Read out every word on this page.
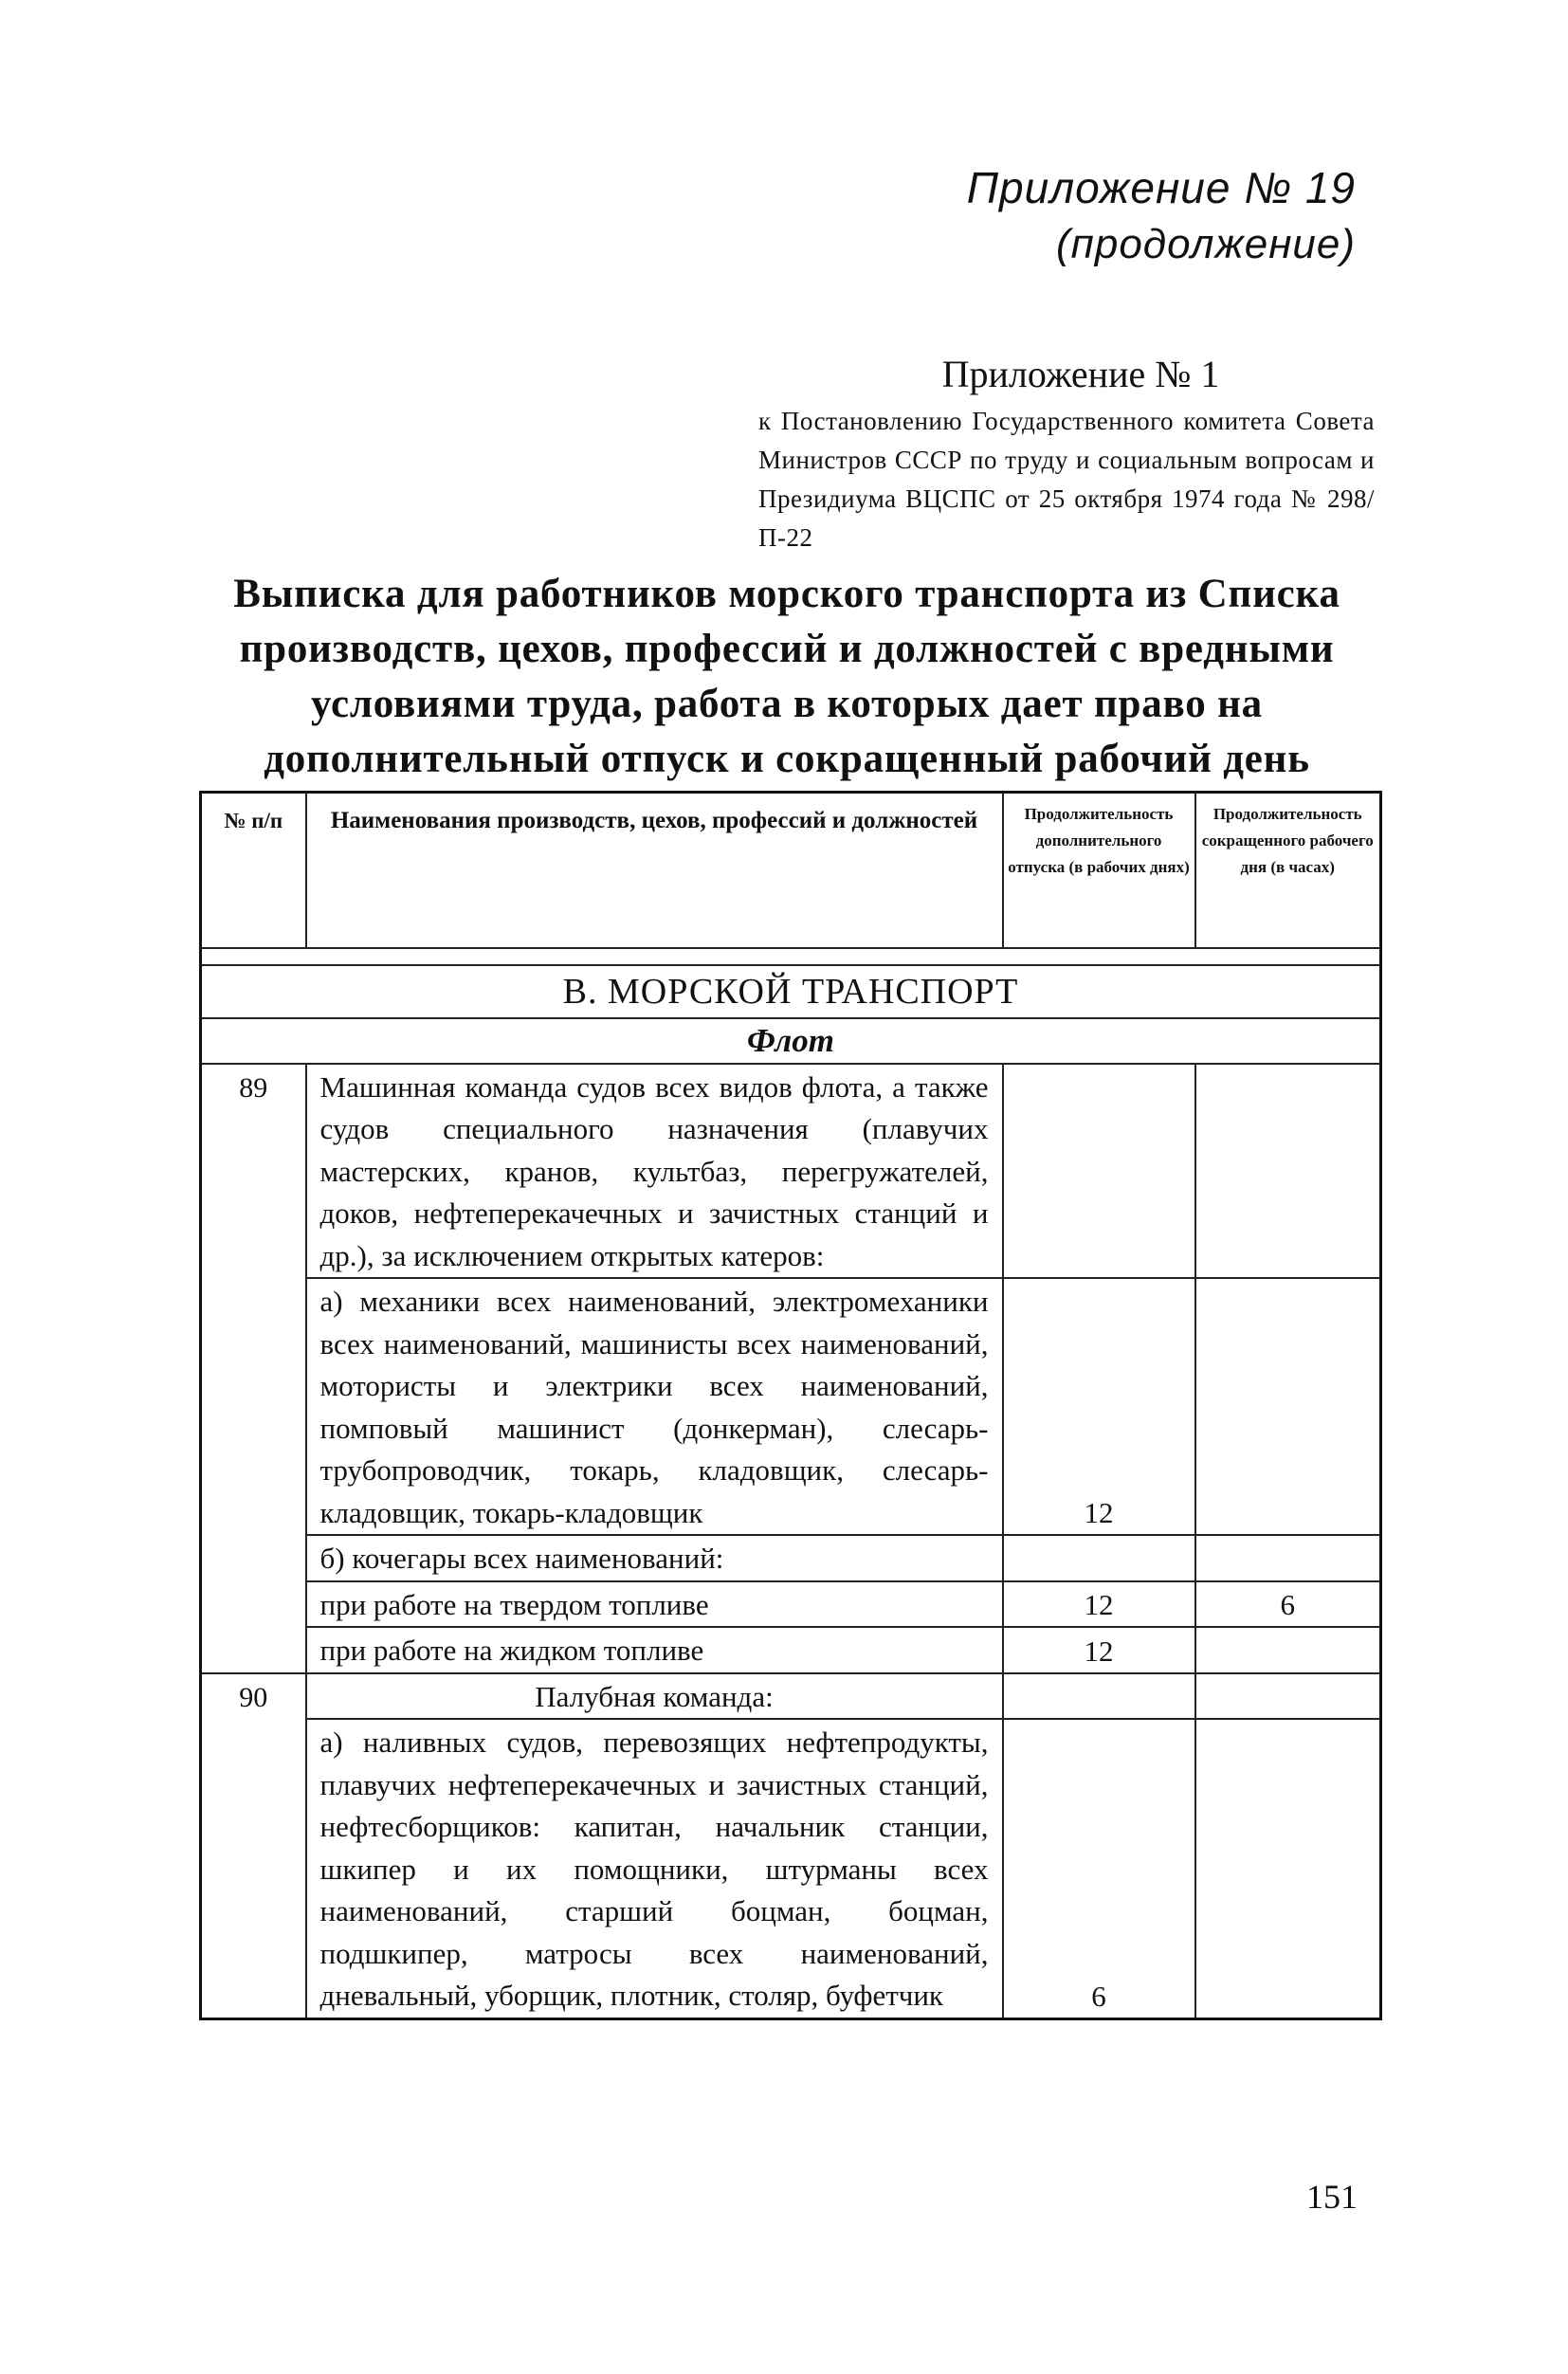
Приложение № 19
(продолжение)
Приложение № 1
к Постановлению Государственного комитета Совета Министров СССР по труду и социальным вопросам и Президиума ВЦСПС от 25 октября 1974 года № 298/П-22
Выписка для работников морского транспорта из Списка производств, цехов, профессий и должностей с вредными условиями труда, работа в которых дает право на дополнительный отпуск и сокращенный рабочий день
№ п/п	Наименования производств, цехов, профессий и должностей	Продолжительность дополнительного отпуска (в рабочих днях)	Продолжительность сокращенного рабочего дня (в часах)

В. МОРСКОЙ ТРАНСПОРТ			
Флот			
89	Машинная команда судов всех видов флота, а также судов специального назначения (плавучих мастерских, кранов, культбаз, перегружателей, доков, нефтеперекачечных и зачистных станций и др.), за исключением открытых катеров:		
	а) механики всех наименований, электромеханики всех наименований, машинисты всех наименований, мотористы и электрики всех наименований, помповый машинист (донкерман), слесарь-трубопроводчик, токарь, кладовщик, слесарь-кладовщик, токарь-кладовщик	12	
	б) кочегары всех наименований:		
	при работе на твердом топливе	12	6
	при работе на жидком топливе	12	
90	Палубная команда:		
	а) наливных судов, перевозящих нефтепродукты, плавучих нефтеперекачечных и зачистных станций, нефтесборщиков: капитан, начальник станции, шкипер и их помощники, штурманы всех наименований, старший боцман, боцман, подшкипер, матросы всех наименований, дневальный, уборщик, плотник, столяр, буфетчик	6	
151
